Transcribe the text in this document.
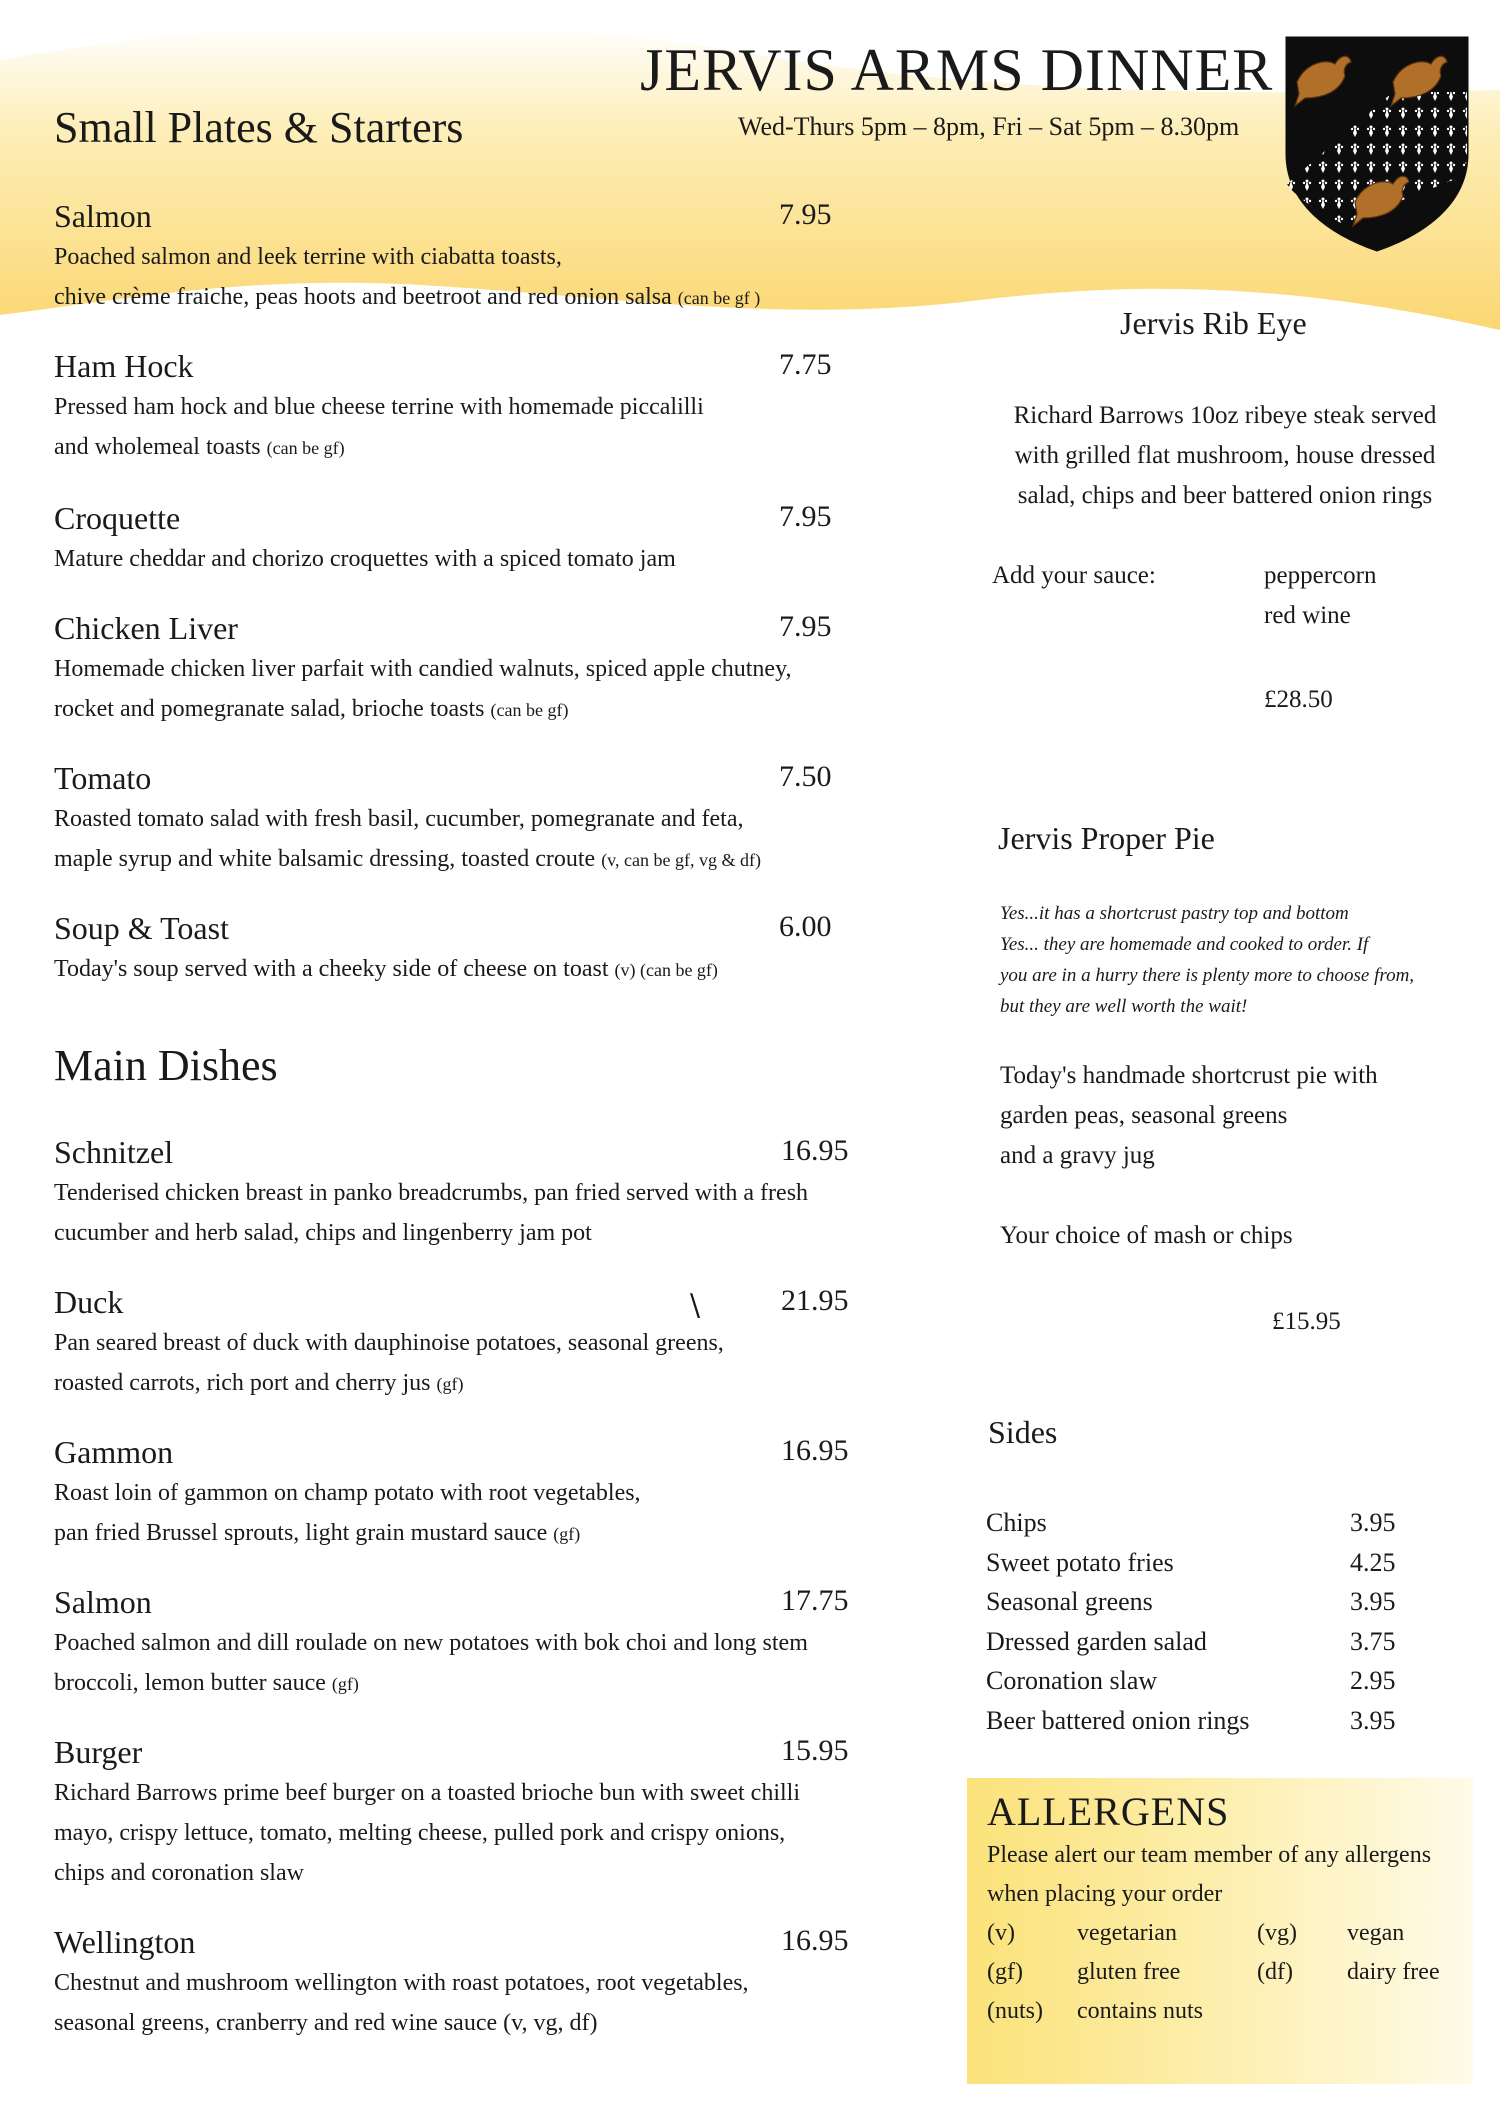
JERVIS ARMS DINNER
Wed-Thurs 5pm – 8pm, Fri – Sat 5pm – 8.30pm
Small Plates & Starters
Salmon	7.95
Poached salmon and leek terrine with ciabatta toasts,
chive crème fraiche, peas hoots and beetroot and red onion salsa (can be gf )
Ham Hock	7.75
Pressed ham hock and blue cheese terrine with homemade piccalilli
and wholemeal toasts (can be gf)
Croquette	7.95
Mature cheddar and chorizo croquettes with a spiced tomato jam
Chicken Liver	7.95
Homemade chicken liver parfait with candied walnuts, spiced apple chutney,
rocket and pomegranate salad, brioche toasts (can be gf)
Tomato	7.50
Roasted tomato salad with fresh basil, cucumber, pomegranate and feta,
maple syrup and white balsamic dressing, toasted croute (v, can be gf, vg & df)
Soup & Toast	6.00
Today's soup served with a cheeky side of cheese on toast (v) (can be gf)
Main Dishes
Schnitzel	16.95
Tenderised chicken breast in panko breadcrumbs, pan fried served with a fresh
cucumber and herb salad, chips and lingenberry jam pot
Duck	21.95
Pan seared breast of duck with dauphinoise potatoes, seasonal greens,
roasted carrots, rich port and cherry jus (gf)
Gammon	16.95
Roast loin of gammon on champ potato with root vegetables,
pan fried Brussel sprouts, light grain mustard sauce (gf)
Salmon	17.75
Poached salmon and dill roulade on new potatoes with bok choi and long stem
broccoli, lemon butter sauce (gf)
Burger	15.95
Richard Barrows prime beef burger on a toasted brioche bun with sweet chilli
mayo, crispy lettuce, tomato, melting cheese, pulled pork and crispy onions,
chips and coronation slaw
Wellington	16.95
Chestnut and mushroom wellington with roast potatoes, root vegetables,
seasonal greens, cranberry and red wine sauce (v, vg, df)
\
Jervis Rib Eye
Richard Barrows 10oz ribeye steak served
with grilled flat mushroom, house dressed
salad, chips and beer battered onion rings
Add your sauce:	peppercorn
red wine
£28.50
Jervis Proper Pie
Yes...it has a shortcrust pastry top and bottom
Yes... they are homemade and cooked to order. If
you are in a hurry there is plenty more to choose from,
but they are well worth the wait!
Today's handmade shortcrust pie with
garden peas, seasonal greens
and a gravy jug
Your choice of mash or chips
£15.95
Sides
Chips	3.95
Sweet potato fries	4.25
Seasonal greens	3.95
Dressed garden salad	3.75
Coronation slaw	2.95
Beer battered onion rings	3.95
ALLERGENS
Please alert our team member of any allergens when placing your order
(v)	vegetarian	(vg) vegan
(gf) gluten free	(df) dairy free
(nuts) contains nuts
